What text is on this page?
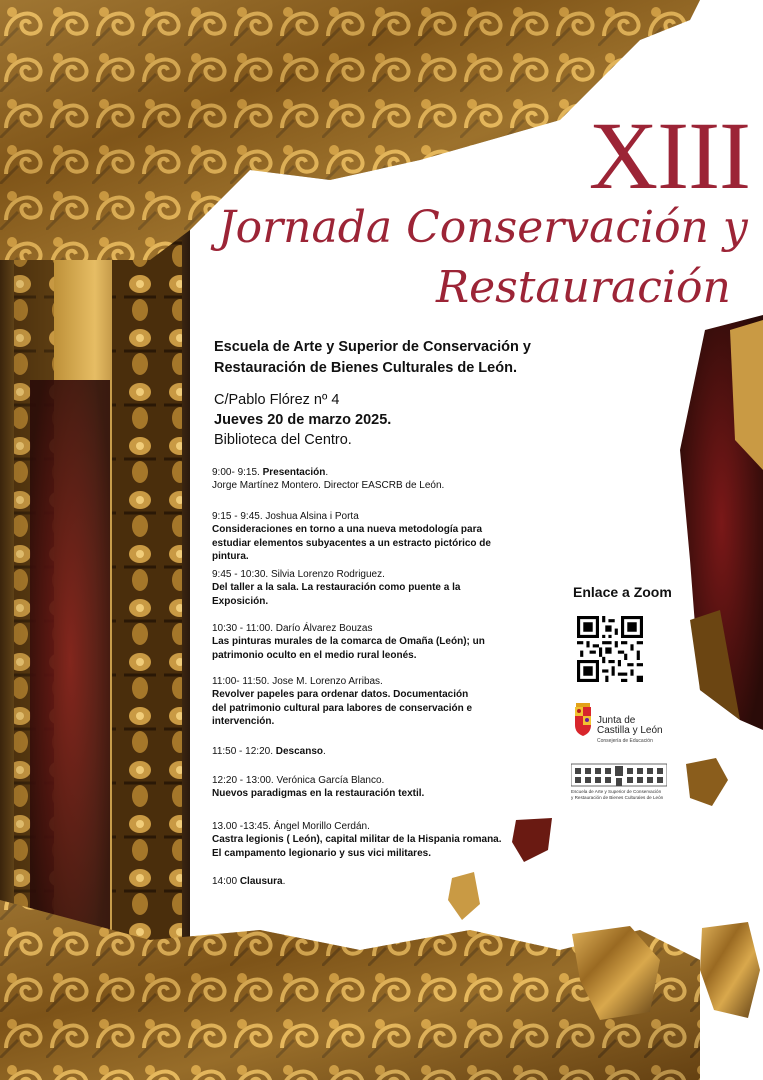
XIII
Jornada Conservación y
Restauración
Escuela de Arte y Superior de Conservación y
Restauración de Bienes Culturales de León.
C/Pablo Flórez nº 4
Jueves 20 de marzo 2025.
Biblioteca del Centro.
9:00- 9:15. Presentación.
Jorge Martínez Montero. Director EASCRB de León.
9:15 - 9:45. Joshua Alsina i Porta
Consideraciones en torno a una nueva metodología para
estudiar elementos subyacentes a un estracto pictórico de
pintura.
9:45 - 10:30. Silvia Lorenzo Rodriguez.
Del taller a la sala. La restauración como puente a la
Exposición.
10:30 - 11:00. Darío Álvarez Bouzas
Las pinturas murales de la comarca de Omaña (León); un
patrimonio oculto en el medio rural leonés.
11:00- 11:50. Jose M. Lorenzo Arribas.
Revolver papeles para ordenar datos. Documentación
del patrimonio cultural para labores de conservación e
intervención.
11:50 - 12:20. Descanso.
12:20 - 13:00. Verónica García Blanco.
Nuevos paradigmas en la restauración textil.
13.00 -13:45. Ángel Morillo Cerdán.
Castra legionis ( León), capital militar de la Hispania romana.
El campamento legionario y sus vici militares.
14:00 Clausura.
Enlace a Zoom
Junta de
Castilla y León
Consejería de Educación
Escuela de Arte y Superior de Conservación
y Restauración de Bienes Culturales de León
